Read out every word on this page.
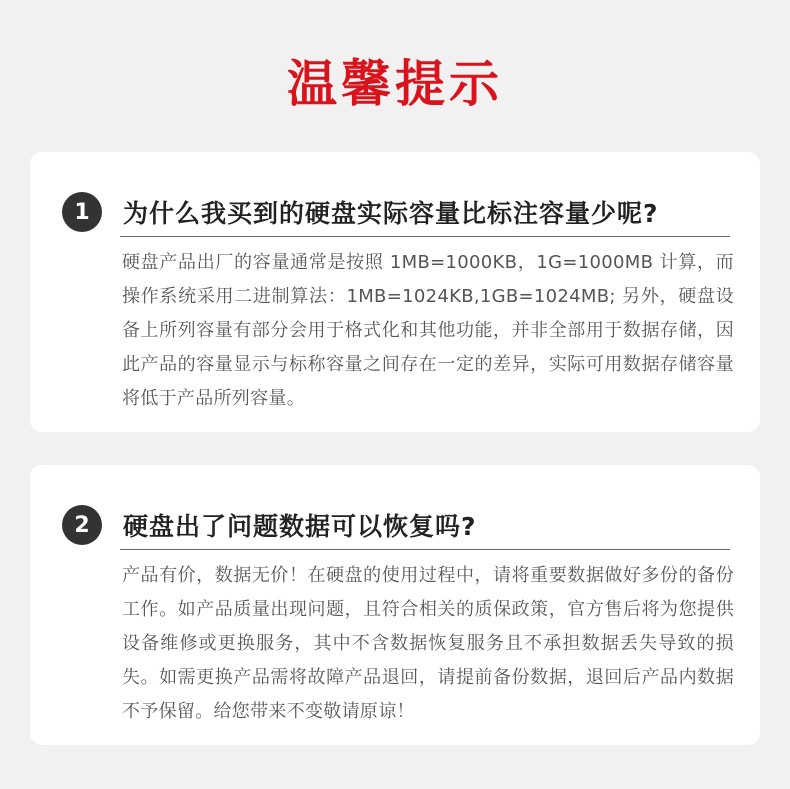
温馨提示
1	为什么我买到的硬盘实际容量比标注容量少呢?
硬盘产品出厂的容量通常是按照 1MB=1000KB，1G=1000MB 计算，而操作系统采用二进制算法：1MB=1024KB,1GB=1024MB; 另外，硬盘设备上所列容量有部分会用于格式化和其他功能，并非全部用于数据存储，因此产品的容量显示与标称容量之间存在一定的差异，实际可用数据存储容量将低于产品所列容量。
2	硬盘出了问题数据可以恢复吗?
产品有价，数据无价！在硬盘的使用过程中，请将重要数据做好多份的备份工作。如产品质量出现问题，且符合相关的质保政策，官方售后将为您提供设备维修或更换服务，其中不含数据恢复服务且不承担数据丢失导致的损失。如需更换产品需将故障产品退回，请提前备份数据，退回后产品内数据不予保留。给您带来不变敬请原谅！
